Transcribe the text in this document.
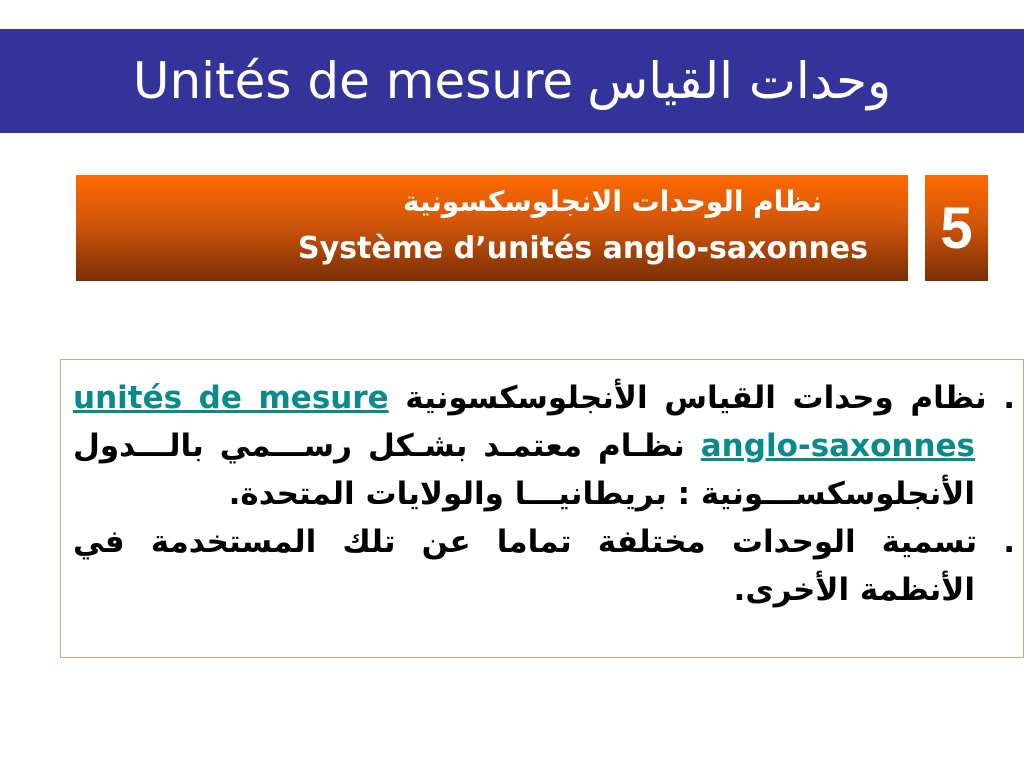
Unités de mesure وحدات القياس
نظام الوحدات الانجلوسكسونية
Système d’unités anglo-saxonnes 5

. نظام وحدات القياس الأنجلوسكسونية unités de mesure anglo-saxonnes نظـام معتمـد بشـكل رســـمي بالـــدول الأنجلوسكســـونية : بريطانيـــا والولايات المتحدة.

. تسمية الوحدات مختلفة تماما عن تلك المستخدمة في الأنظمة الأخرى.
